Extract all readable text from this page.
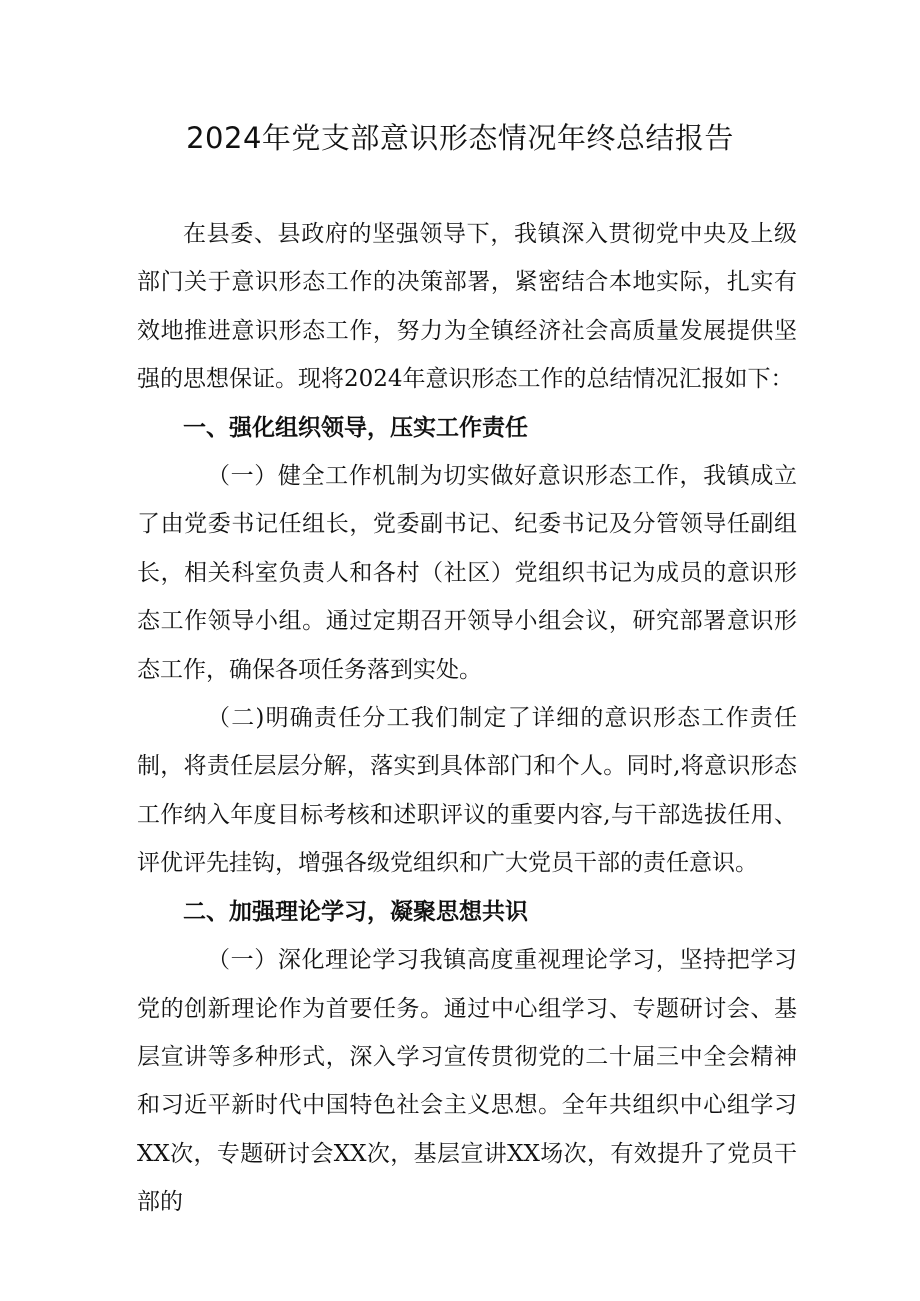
2024年党支部意识形态情况年终总结报告

在县委、县政府的坚强领导下，我镇深入贯彻党中央及上级部门关于意识形态工作的决策部署，紧密结合本地实际，扎实有效地推进意识形态工作，努力为全镇经济社会高质量发展提供坚强的思想保证。现将2024年意识形态工作的总结情况汇报如下：

一、强化组织领导，压实工作责任

（一）健全工作机制为切实做好意识形态工作，我镇成立了由党委书记任组长，党委副书记、纪委书记及分管领导任副组长，相关科室负责人和各村（社区）党组织书记为成员的意识形态工作领导小组。通过定期召开领导小组会议，研究部署意识形态工作，确保各项任务落到实处。

（二)明确责任分工我们制定了详细的意识形态工作责任制，将责任层层分解，落实到具体部门和个人。同时,将意识形态工作纳入年度目标考核和述职评议的重要内容,与干部选拔任用、评优评先挂钩，增强各级党组织和广大党员干部的责任意识。

二、加强理论学习，凝聚思想共识

（一）深化理论学习我镇高度重视理论学习，坚持把学习党的创新理论作为首要任务。通过中心组学习、专题研讨会、基层宣讲等多种形式，深入学习宣传贯彻党的二十届三中全会精神和习近平新时代中国特色社会主义思想。全年共组织中心组学习XX次，专题研讨会XX次，基层宣讲XX场次，有效提升了党员干部的
